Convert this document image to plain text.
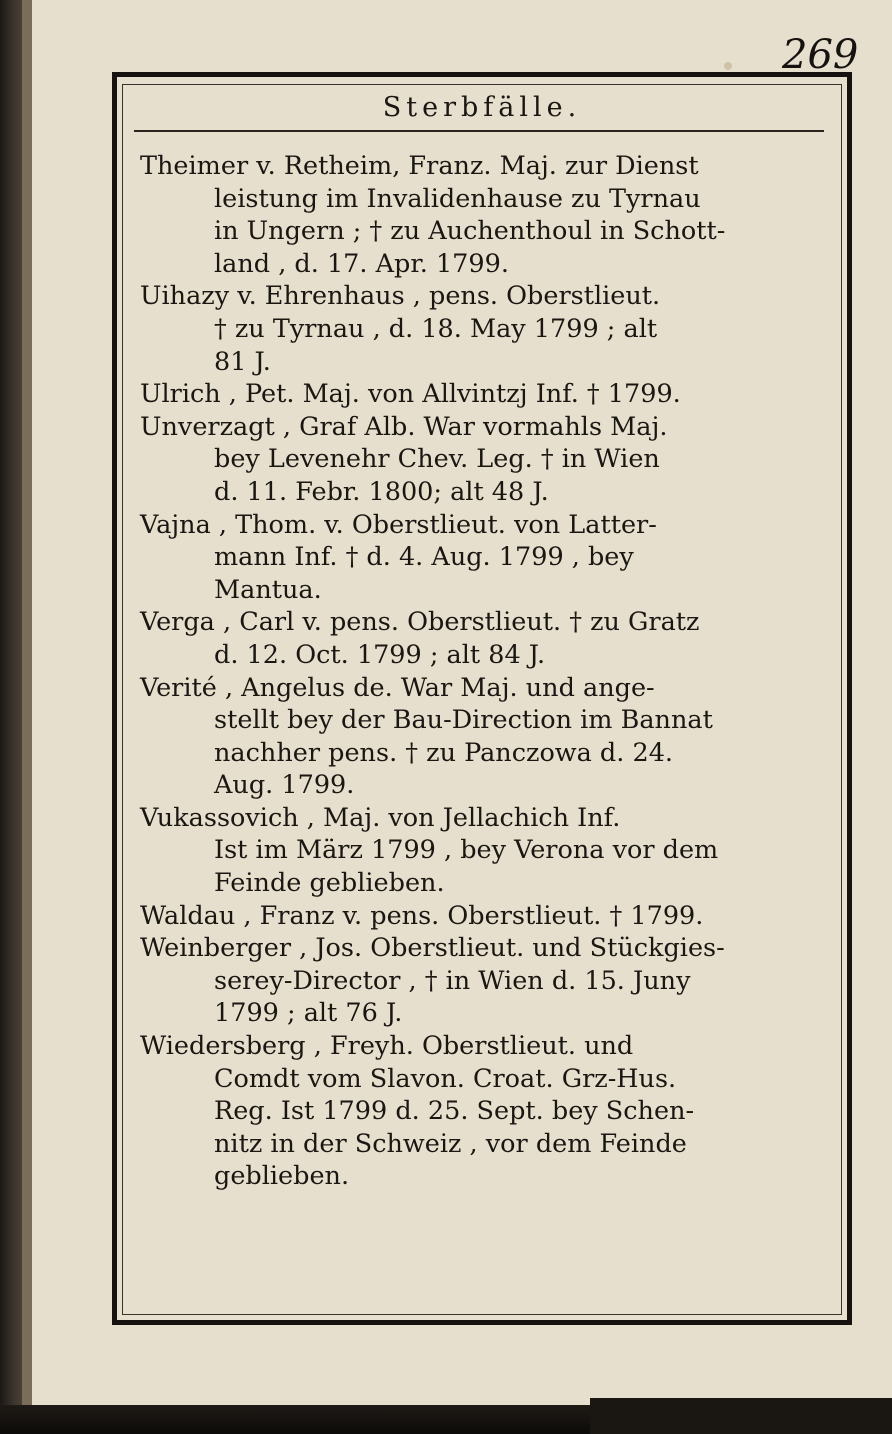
269
Sterbfälle.
Theimer v. Retheim, Franz. Maj. zur Dienst
leistung im Invalidenhause zu Tyrnau
in Ungern ; † zu Auchenthoul in Schott-
land , d. 17. Apr. 1799.
Uihazy v. Ehrenhaus , pens. Oberstlieut.
† zu Tyrnau , d. 18. May 1799 ; alt
81 J.
Ulrich , Pet. Maj. von Allvintzj Inf. † 1799.
Unverzagt , Graf Alb. War vormahls Maj.
bey Levenehr Chev. Leg. † in Wien
d. 11. Febr. 1800; alt 48 J.
Vajna , Thom. v. Oberstlieut. von Latter-
mann Inf. † d. 4. Aug. 1799 , bey
Mantua.
Verga , Carl v. pens. Oberstlieut. † zu Gratz
d. 12. Oct. 1799 ; alt 84 J.
Verité , Angelus de. War Maj. und ange-
stellt bey der Bau-Direction im Bannat
nachher pens. † zu Panczowa d. 24.
Aug. 1799.
Vukassovich , Maj. von Jellachich Inf.
Ist im März 1799 , bey Verona vor dem
Feinde geblieben.
Waldau , Franz v. pens. Oberstlieut. † 1799.
Weinberger , Jos. Oberstlieut. und Stückgies-
serey-Director , † in Wien d. 15. Juny
1799 ; alt 76 J.
Wiedersberg , Freyh. Oberstlieut. und
Comdt vom Slavon. Croat. Grz-Hus.
Reg. Ist 1799 d. 25. Sept. bey Schen-
nitz in der Schweiz , vor dem Feinde
geblieben.
